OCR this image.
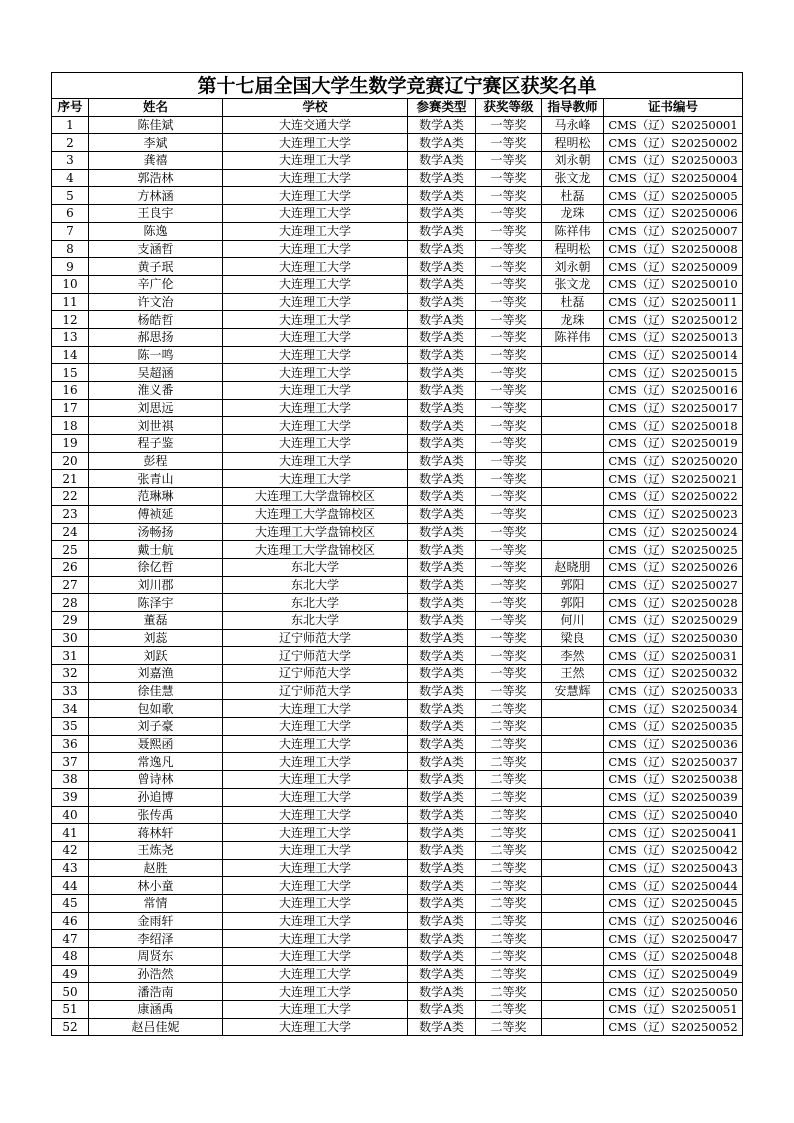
第十七届全国大学生数学竞赛辽宁赛区获奖名单						
序号	姓名	学校	参赛类型	获奖等级	指导教师	证书编号
1	陈佳斌	大连交通大学	数学A类	一等奖	马永峰	CMS（辽）S20250001
2	李斌	大连理工大学	数学A类	一等奖	程明松	CMS（辽）S20250002
3	龚禧	大连理工大学	数学A类	一等奖	刘永朝	CMS（辽）S20250003
4	郭浩林	大连理工大学	数学A类	一等奖	张文龙	CMS（辽）S20250004
5	方林涵	大连理工大学	数学A类	一等奖	杜磊	CMS（辽）S20250005
6	王良宇	大连理工大学	数学A类	一等奖	龙珠	CMS（辽）S20250006
7	陈逸	大连理工大学	数学A类	一等奖	陈祥伟	CMS（辽）S20250007
8	支涵哲	大连理工大学	数学A类	一等奖	程明松	CMS（辽）S20250008
9	黄子珉	大连理工大学	数学A类	一等奖	刘永朝	CMS（辽）S20250009
10	辛广伦	大连理工大学	数学A类	一等奖	张文龙	CMS（辽）S20250010
11	许文治	大连理工大学	数学A类	一等奖	杜磊	CMS（辽）S20250011
12	杨皓哲	大连理工大学	数学A类	一等奖	龙珠	CMS（辽）S20250012
13	郝思扬	大连理工大学	数学A类	一等奖	陈祥伟	CMS（辽）S20250013
14	陈一鸣	大连理工大学	数学A类	一等奖		CMS（辽）S20250014
15	吴超涵	大连理工大学	数学A类	一等奖		CMS（辽）S20250015
16	淮义番	大连理工大学	数学A类	一等奖		CMS（辽）S20250016
17	刘思远	大连理工大学	数学A类	一等奖		CMS（辽）S20250017
18	刘世祺	大连理工大学	数学A类	一等奖		CMS（辽）S20250018
19	程子鉴	大连理工大学	数学A类	一等奖		CMS（辽）S20250019
20	彭程	大连理工大学	数学A类	一等奖		CMS（辽）S20250020
21	张青山	大连理工大学	数学A类	一等奖		CMS（辽）S20250021
22	范琳琳	大连理工大学盘锦校区	数学A类	一等奖		CMS（辽）S20250022
23	傅祯延	大连理工大学盘锦校区	数学A类	一等奖		CMS（辽）S20250023
24	汤畅扬	大连理工大学盘锦校区	数学A类	一等奖		CMS（辽）S20250024
25	戴士航	大连理工大学盘锦校区	数学A类	一等奖		CMS（辽）S20250025
26	徐亿哲	东北大学	数学A类	一等奖	赵晓朋	CMS（辽）S20250026
27	刘川郡	东北大学	数学A类	一等奖	郭阳	CMS（辽）S20250027
28	陈泽宇	东北大学	数学A类	一等奖	郭阳	CMS（辽）S20250028
29	董磊	东北大学	数学A类	一等奖	何川	CMS（辽）S20250029
30	刘蕊	辽宁师范大学	数学A类	一等奖	梁良	CMS（辽）S20250030
31	刘跃	辽宁师范大学	数学A类	一等奖	李然	CMS（辽）S20250031
32	刘嘉渔	辽宁师范大学	数学A类	一等奖	王然	CMS（辽）S20250032
33	徐佳慧	辽宁师范大学	数学A类	一等奖	安慧辉	CMS（辽）S20250033
34	包如歌	大连理工大学	数学A类	二等奖		CMS（辽）S20250034
35	刘子豪	大连理工大学	数学A类	二等奖		CMS（辽）S20250035
36	聂熙函	大连理工大学	数学A类	二等奖		CMS（辽）S20250036
37	常逸凡	大连理工大学	数学A类	二等奖		CMS（辽）S20250037
38	曾诗林	大连理工大学	数学A类	二等奖		CMS（辽）S20250038
39	孙追博	大连理工大学	数学A类	二等奖		CMS（辽）S20250039
40	张传禹	大连理工大学	数学A类	二等奖		CMS（辽）S20250040
41	蒋林轩	大连理工大学	数学A类	二等奖		CMS（辽）S20250041
42	王炼尧	大连理工大学	数学A类	二等奖		CMS（辽）S20250042
43	赵胜	大连理工大学	数学A类	二等奖		CMS（辽）S20250043
44	林小童	大连理工大学	数学A类	二等奖		CMS（辽）S20250044
45	常情	大连理工大学	数学A类	二等奖		CMS（辽）S20250045
46	金雨轩	大连理工大学	数学A类	二等奖		CMS（辽）S20250046
47	李绍泽	大连理工大学	数学A类	二等奖		CMS（辽）S20250047
48	周贤东	大连理工大学	数学A类	二等奖		CMS（辽）S20250048
49	孙浩然	大连理工大学	数学A类	二等奖		CMS（辽）S20250049
50	潘浩南	大连理工大学	数学A类	二等奖		CMS（辽）S20250050
51	康涵禹	大连理工大学	数学A类	二等奖		CMS（辽）S20250051
52	赵吕佳妮	大连理工大学	数学A类	二等奖		CMS（辽）S20250052
